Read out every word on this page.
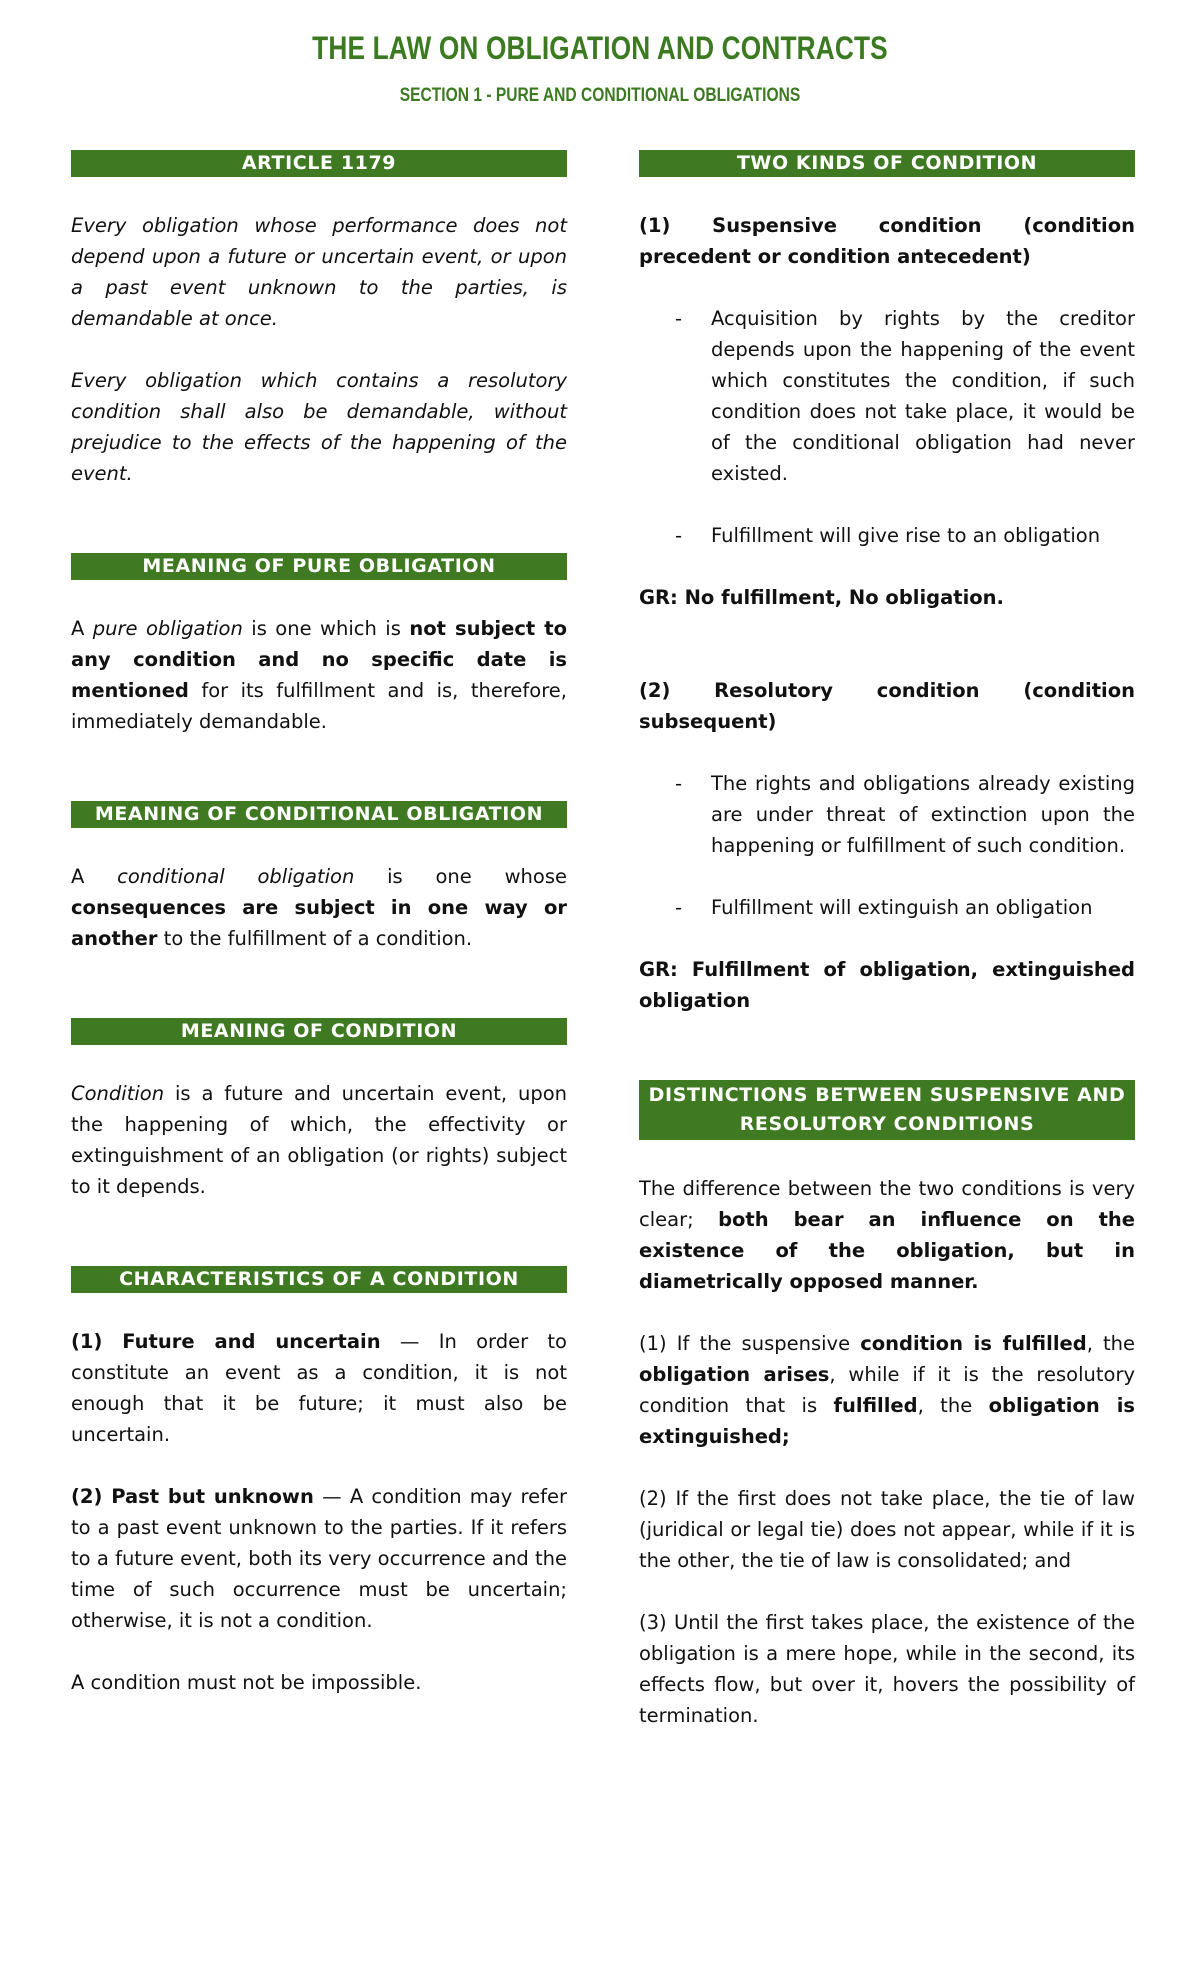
THE LAW ON OBLIGATION AND CONTRACTS
SECTION 1 - PURE AND CONDITIONAL OBLIGATIONS
ARTICLE 1179

Every obligation whose performance does not depend upon a future or uncertain event, or upon a past event unknown to the parties, is demandable at once.

Every obligation which contains a resolutory condition shall also be demandable, without prejudice to the effects of the happening of the event.

MEANING OF PURE OBLIGATION

A pure obligation is one which is not subject to any condition and no specific date is mentioned for its fulfillment and is, therefore, immediately demandable.

MEANING OF CONDITIONAL OBLIGATION

A conditional obligation is one whose consequences are subject in one way or another to the fulfillment of a condition.

MEANING OF CONDITION

Condition is a future and uncertain event, upon the happening of which, the effectivity or extinguishment of an obligation (or rights) subject to it depends.

CHARACTERISTICS OF A CONDITION

(1) Future and uncertain — In order to constitute an event as a condition, it is not enough that it be future; it must also be uncertain.

(2) Past but unknown — A condition may refer to a past event unknown to the parties. If it refers to a future event, both its very occurrence and the time of such occurrence must be uncertain; otherwise, it is not a condition.

A condition must not be impossible.

TWO KINDS OF CONDITION

(1) Suspensive condition (condition precedent or condition antecedent)

-	Acquisition by rights by the creditor depends upon the happening of the event which constitutes the condition, if such condition does not take place, it would be of the conditional obligation had never existed.

-	Fulfillment will give rise to an obligation

GR: No fulfillment, No obligation.

(2) Resolutory condition (condition subsequent)

-	The rights and obligations already existing are under threat of extinction upon the happening or fulfillment of such condition.

-	Fulfillment will extinguish an obligation

GR: Fulfillment of obligation, extinguished obligation

DISTINCTIONS BETWEEN SUSPENSIVE AND RESOLUTORY CONDITIONS

The difference between the two conditions is very clear; both bear an influence on the existence of the obligation, but in diametrically opposed manner.

(1) If the suspensive condition is fulfilled, the obligation arises, while if it is the resolutory condition that is fulfilled, the obligation is extinguished;

(2) If the first does not take place, the tie of law (juridical or legal tie) does not appear, while if it is the other, the tie of law is consolidated; and

(3) Until the first takes place, the existence of the obligation is a mere hope, while in the second, its effects flow, but over it, hovers the possibility of termination.
